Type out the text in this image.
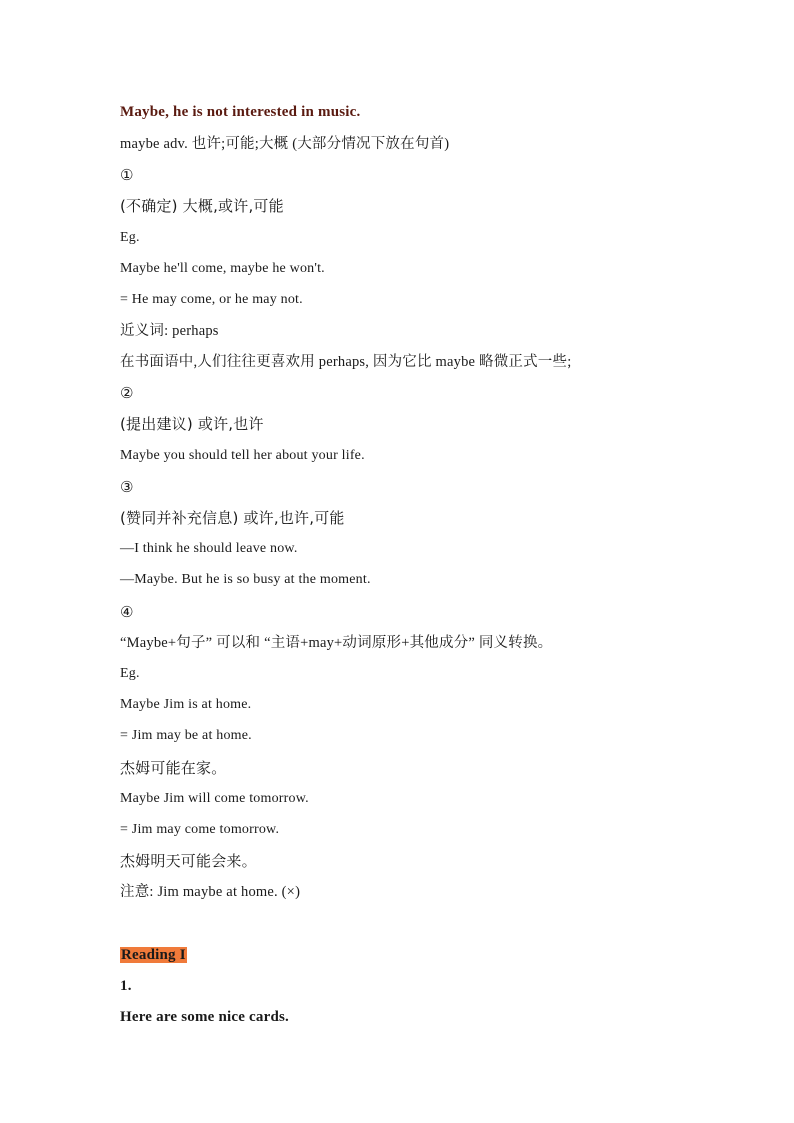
Maybe, he is not interested in music.
maybe adv. 也许;可能;大概 (大部分情况下放在句首)
①
(不确定) 大概,或许,可能
Eg.
Maybe he'll come, maybe he won't.
= He may come, or he may not.
近义词: perhaps
在书面语中,人们往往更喜欢用 perhaps, 因为它比 maybe 略微正式一些;
②
(提出建议) 或许,也许
Maybe you should tell her about your life.
③
(赞同并补充信息) 或许,也许,可能
—I think he should leave now.
—Maybe. But he is so busy at the moment.
④
“Maybe+句子” 可以和 “主语+may+动词原形+其他成分” 同义转换。
Eg.
Maybe Jim is at home.
= Jim may be at home.
杰姆可能在家。
Maybe Jim will come tomorrow.
= Jim may come tomorrow.
杰姆明天可能会来。
注意: Jim maybe at home. (×)
Reading I
1.
Here are some nice cards.
